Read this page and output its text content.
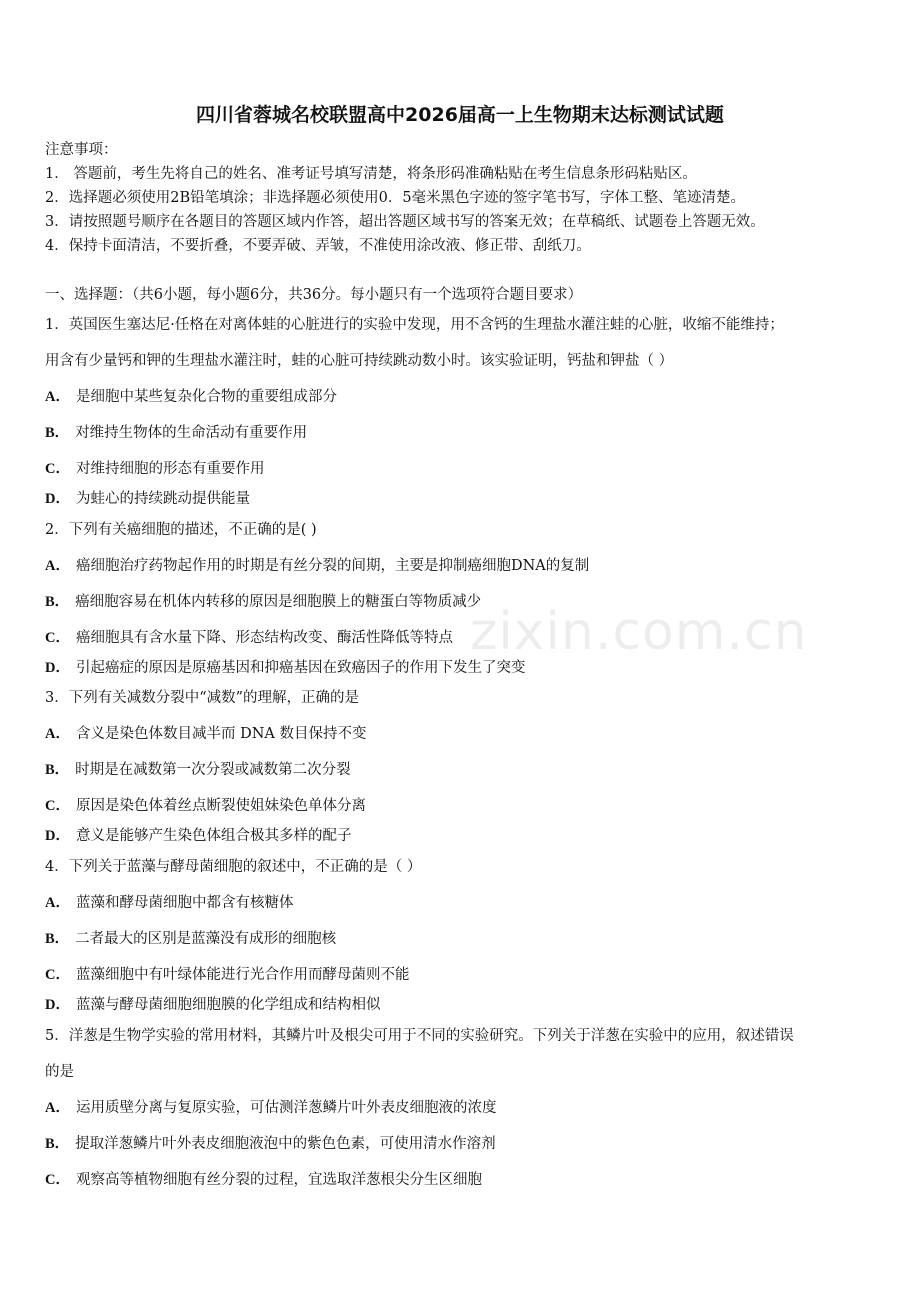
四川省蓉城名校联盟高中2026届高一上生物期末达标测试试题
注意事项：
1． 答题前，考生先将自己的姓名、准考证号填写清楚，将条形码准确粘贴在考生信息条形码粘贴区。
2．选择题必须使用2B铅笔填涂；非选择题必须使用0．5毫米黑色字迹的签字笔书写，字体工整、笔迹清楚。
3．请按照题号顺序在各题目的答题区域内作答，超出答题区域书写的答案无效；在草稿纸、试题卷上答题无效。
4．保持卡面清洁，不要折叠，不要弄破、弄皱，不准使用涂改液、修正带、刮纸刀。
一、选择题：（共6小题，每小题6分，共36分。每小题只有一个选项符合题目要求）
1．英国医生塞达尼·任格在对离体蛙的心脏进行的实验中发现，用不含钙的生理盐水灌注蛙的心脏，收缩不能维持；
用含有少量钙和钾的生理盐水灌注时，蛙的心脏可持续跳动数小时。该实验证明，钙盐和钾盐（ ）
A． 是细胞中某些复杂化合物的重要组成部分
B． 对维持生物体的生命活动有重要作用
C． 对维持细胞的形态有重要作用
D． 为蛙心的持续跳动提供能量
2．下列有关癌细胞的描述，不正确的是( )
A． 癌细胞治疗药物起作用的时期是有丝分裂的间期，主要是抑制癌细胞DNA的复制
B． 癌细胞容易在机体内转移的原因是细胞膜上的糖蛋白等物质减少
C． 癌细胞具有含水量下降、形态结构改变、酶活性降低等特点
D． 引起癌症的原因是原癌基因和抑癌基因在致癌因子的作用下发生了突变
3．下列有关减数分裂中“减数”的理解，正确的是
A． 含义是染色体数目减半而 DNA 数目保持不变
B． 时期是在减数第一次分裂或减数第二次分裂
C． 原因是染色体着丝点断裂使姐妹染色单体分离
D． 意义是能够产生染色体组合极其多样的配子
4．下列关于蓝藻与酵母菌细胞的叙述中，不正确的是（ ）
A． 蓝藻和酵母菌细胞中都含有核糖体
B． 二者最大的区别是蓝藻没有成形的细胞核
C． 蓝藻细胞中有叶绿体能进行光合作用而酵母菌则不能
D． 蓝藻与酵母菌细胞细胞膜的化学组成和结构相似
5．洋葱是生物学实验的常用材料，其鳞片叶及根尖可用于不同的实验研究。下列关于洋葱在实验中的应用，叙述错误
的是
A． 运用质壁分离与复原实验，可估测洋葱鳞片叶外表皮细胞液的浓度
B． 提取洋葱鳞片叶外表皮细胞液泡中的紫色色素，可使用清水作溶剂
C． 观察高等植物细胞有丝分裂的过程，宜选取洋葱根尖分生区细胞
zixin.com.cn
